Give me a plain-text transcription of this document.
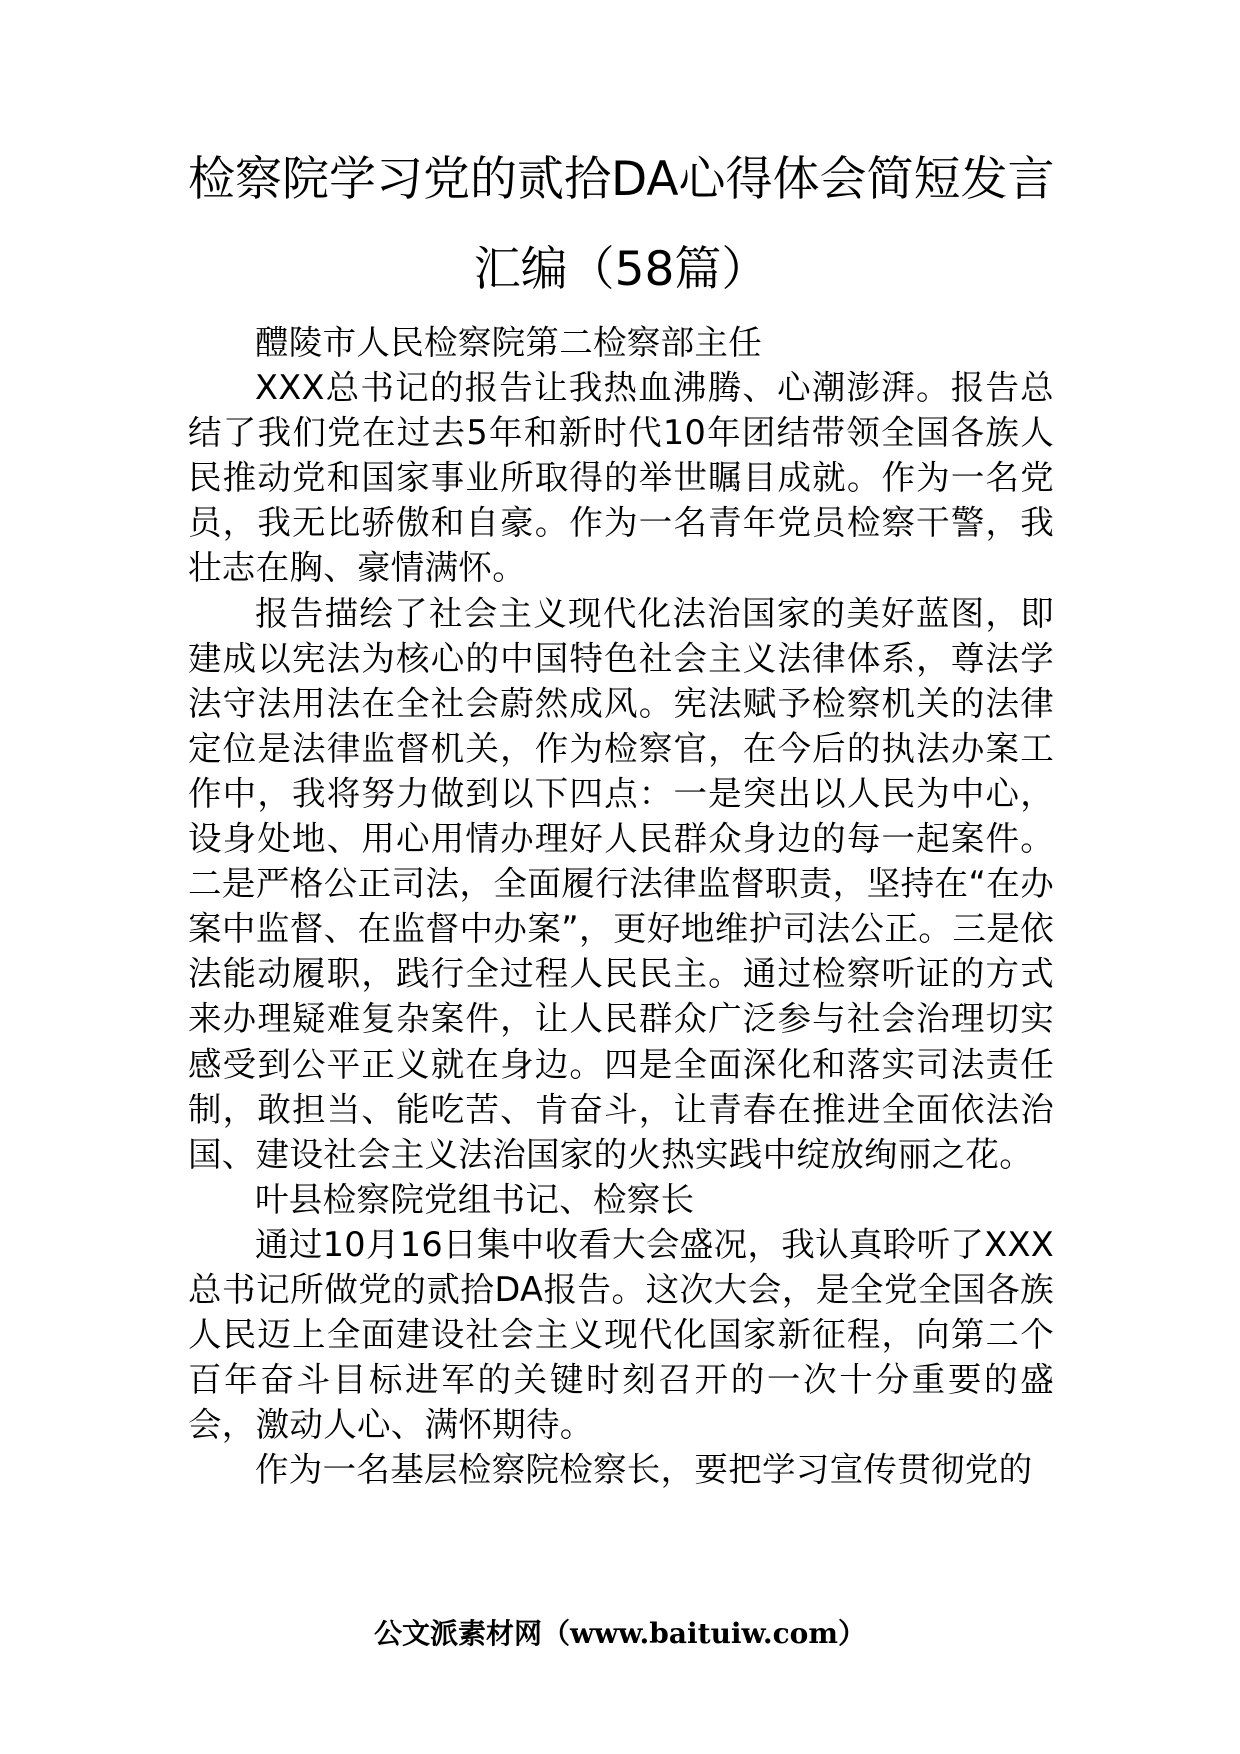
检察院学习党的贰拾DA心得体会简短发言
汇编（58篇）

醴陵市人民检察院第二检察部主任

XXX总书记的报告让我热血沸腾、心潮澎湃。报告总结了我们党在过去5年和新时代10年团结带领全国各族人民推动党和国家事业所取得的举世瞩目成就。作为一名党员，我无比骄傲和自豪。作为一名青年党员检察干警，我壮志在胸、豪情满怀。

报告描绘了社会主义现代化法治国家的美好蓝图，即建成以宪法为核心的中国特色社会主义法律体系，尊法学法守法用法在全社会蔚然成风。宪法赋予检察机关的法律定位是法律监督机关，作为检察官，在今后的执法办案工作中，我将努力做到以下四点：一是突出以人民为中心，设身处地、用心用情办理好人民群众身边的每一起案件。二是严格公正司法，全面履行法律监督职责，坚持在“在办案中监督、在监督中办案”，更好地维护司法公正。三是依法能动履职，践行全过程人民民主。通过检察听证的方式来办理疑难复杂案件，让人民群众广泛参与社会治理切实感受到公平正义就在身边。四是全面深化和落实司法责任制，敢担当、能吃苦、肯奋斗，让青春在推进全面依法治国、建设社会主义法治国家的火热实践中绽放绚丽之花。

叶县检察院党组书记、检察长

通过10月16日集中收看大会盛况，我认真聆听了XXX总书记所做党的贰拾DA报告。这次大会，是全党全国各族人民迈上全面建设社会主义现代化国家新征程，向第二个百年奋斗目标进军的关键时刻召开的一次十分重要的盛会，激动人心、满怀期待。

作为一名基层检察院检察长，要把学习宣传贯彻党的

公文派素材网（www.baituiw.com）
